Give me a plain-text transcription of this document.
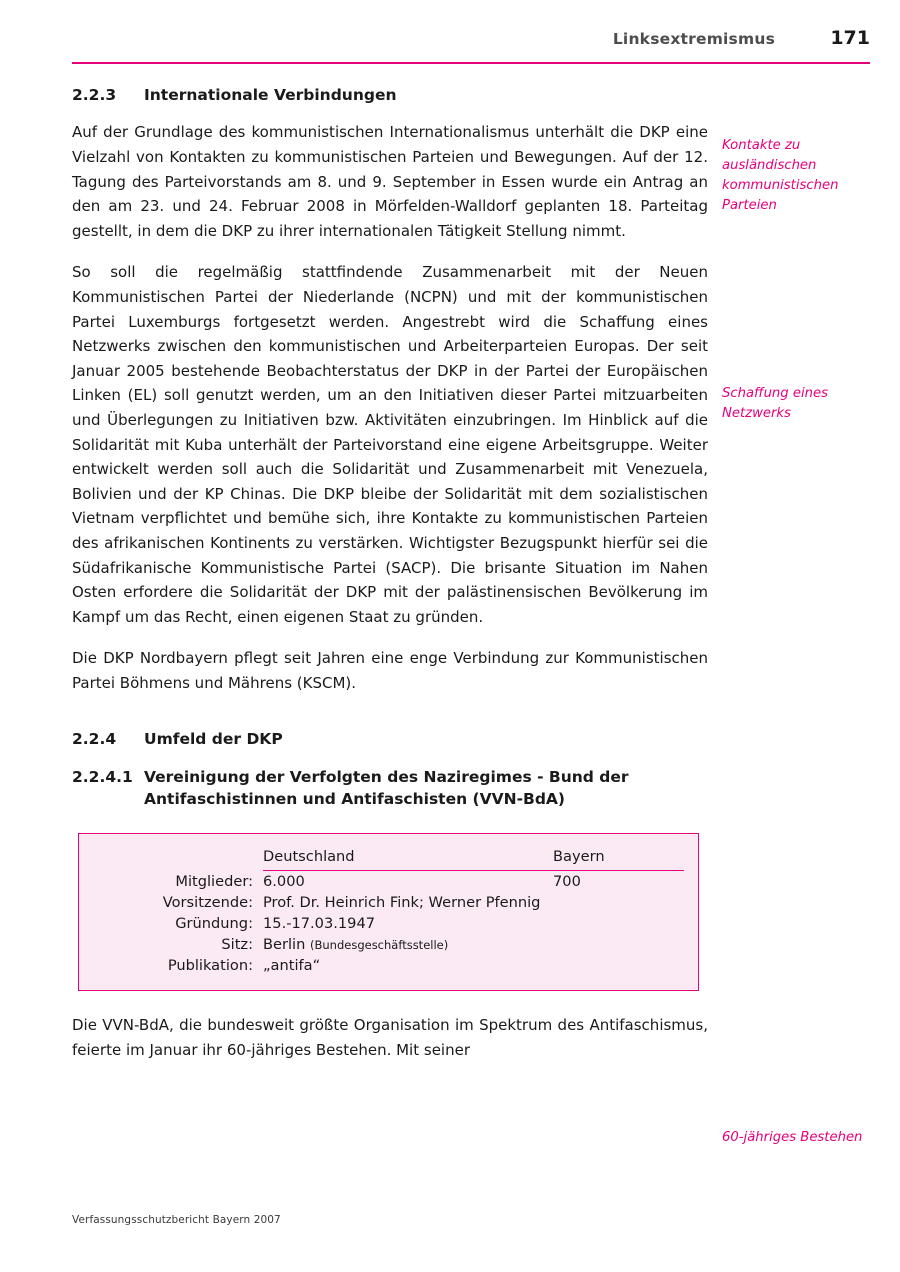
Linksextremismus	171
2.2.3	Internationale Verbindungen

Auf der Grundlage des kommunistischen Internationalismus unterhält die DKP eine Vielzahl von Kontakten zu kommunistischen Parteien und Bewegungen. Auf der 12. Tagung des Parteivorstands am 8. und 9. September in Essen wurde ein Antrag an den am 23. und 24. Februar 2008 in Mörfelden-Walldorf geplanten 18. Parteitag gestellt, in dem die DKP zu ihrer internationalen Tätigkeit Stellung nimmt.

So soll die regelmäßig stattfindende Zusammenarbeit mit der Neuen Kommunistischen Partei der Niederlande (NCPN) und mit der kommunistischen Partei Luxemburgs fortgesetzt werden. Angestrebt wird die Schaffung eines Netzwerks zwischen den kommunistischen und Arbeiterparteien Europas. Der seit Januar 2005 bestehende Beobachterstatus der DKP in der Partei der Europäischen Linken (EL) soll genutzt werden, um an den Initiativen dieser Partei mitzuarbeiten und Überlegungen zu Initiativen bzw. Aktivitäten einzubringen. Im Hinblick auf die Solidarität mit Kuba unterhält der Parteivorstand eine eigene Arbeitsgruppe. Weiter entwickelt werden soll auch die Solidarität und Zusammenarbeit mit Venezuela, Bolivien und der KP Chinas. Die DKP bleibe der Solidarität mit dem sozialistischen Vietnam verpflichtet und bemühe sich, ihre Kontakte zu kommunistischen Parteien des afrikanischen Kontinents zu verstärken. Wichtigster Bezugspunkt hierfür sei die Südafrikanische Kommunistische Partei (SACP). Die brisante Situation im Nahen Osten erfordere die Solidarität der DKP mit der palästinensischen Bevölkerung im Kampf um das Recht, einen eigenen Staat zu gründen.

Die DKP Nordbayern pflegt seit Jahren eine enge Verbindung zur Kommunistischen Partei Böhmens und Mährens (KSCM).

2.2.4	Umfeld der DKP
2.2.4.1 Vereinigung der Verfolgten des Naziregimes - Bund der
Antifaschistinnen und Antifaschisten (VVN-BdA)
	Deutschland	Bayern
Mitglieder:	6.000	700
Vorsitzende:	Prof. Dr. Heinrich Fink; Werner Pfennig	
Gründung:	15.-17.03.1947	
Sitz:	Berlin (Bundesgeschäftsstelle)	
Publikation:	„antifa“	

Die VVN-BdA, die bundesweit größte Organisation im Spektrum des Antifaschismus, feierte im Januar ihr 60-jähriges Bestehen. Mit seiner

Kontakte zu ausländischen kommunistischen Parteien
Schaffung eines Netzwerks
60-jähriges Bestehen
Verfassungsschutzbericht Bayern 2007
